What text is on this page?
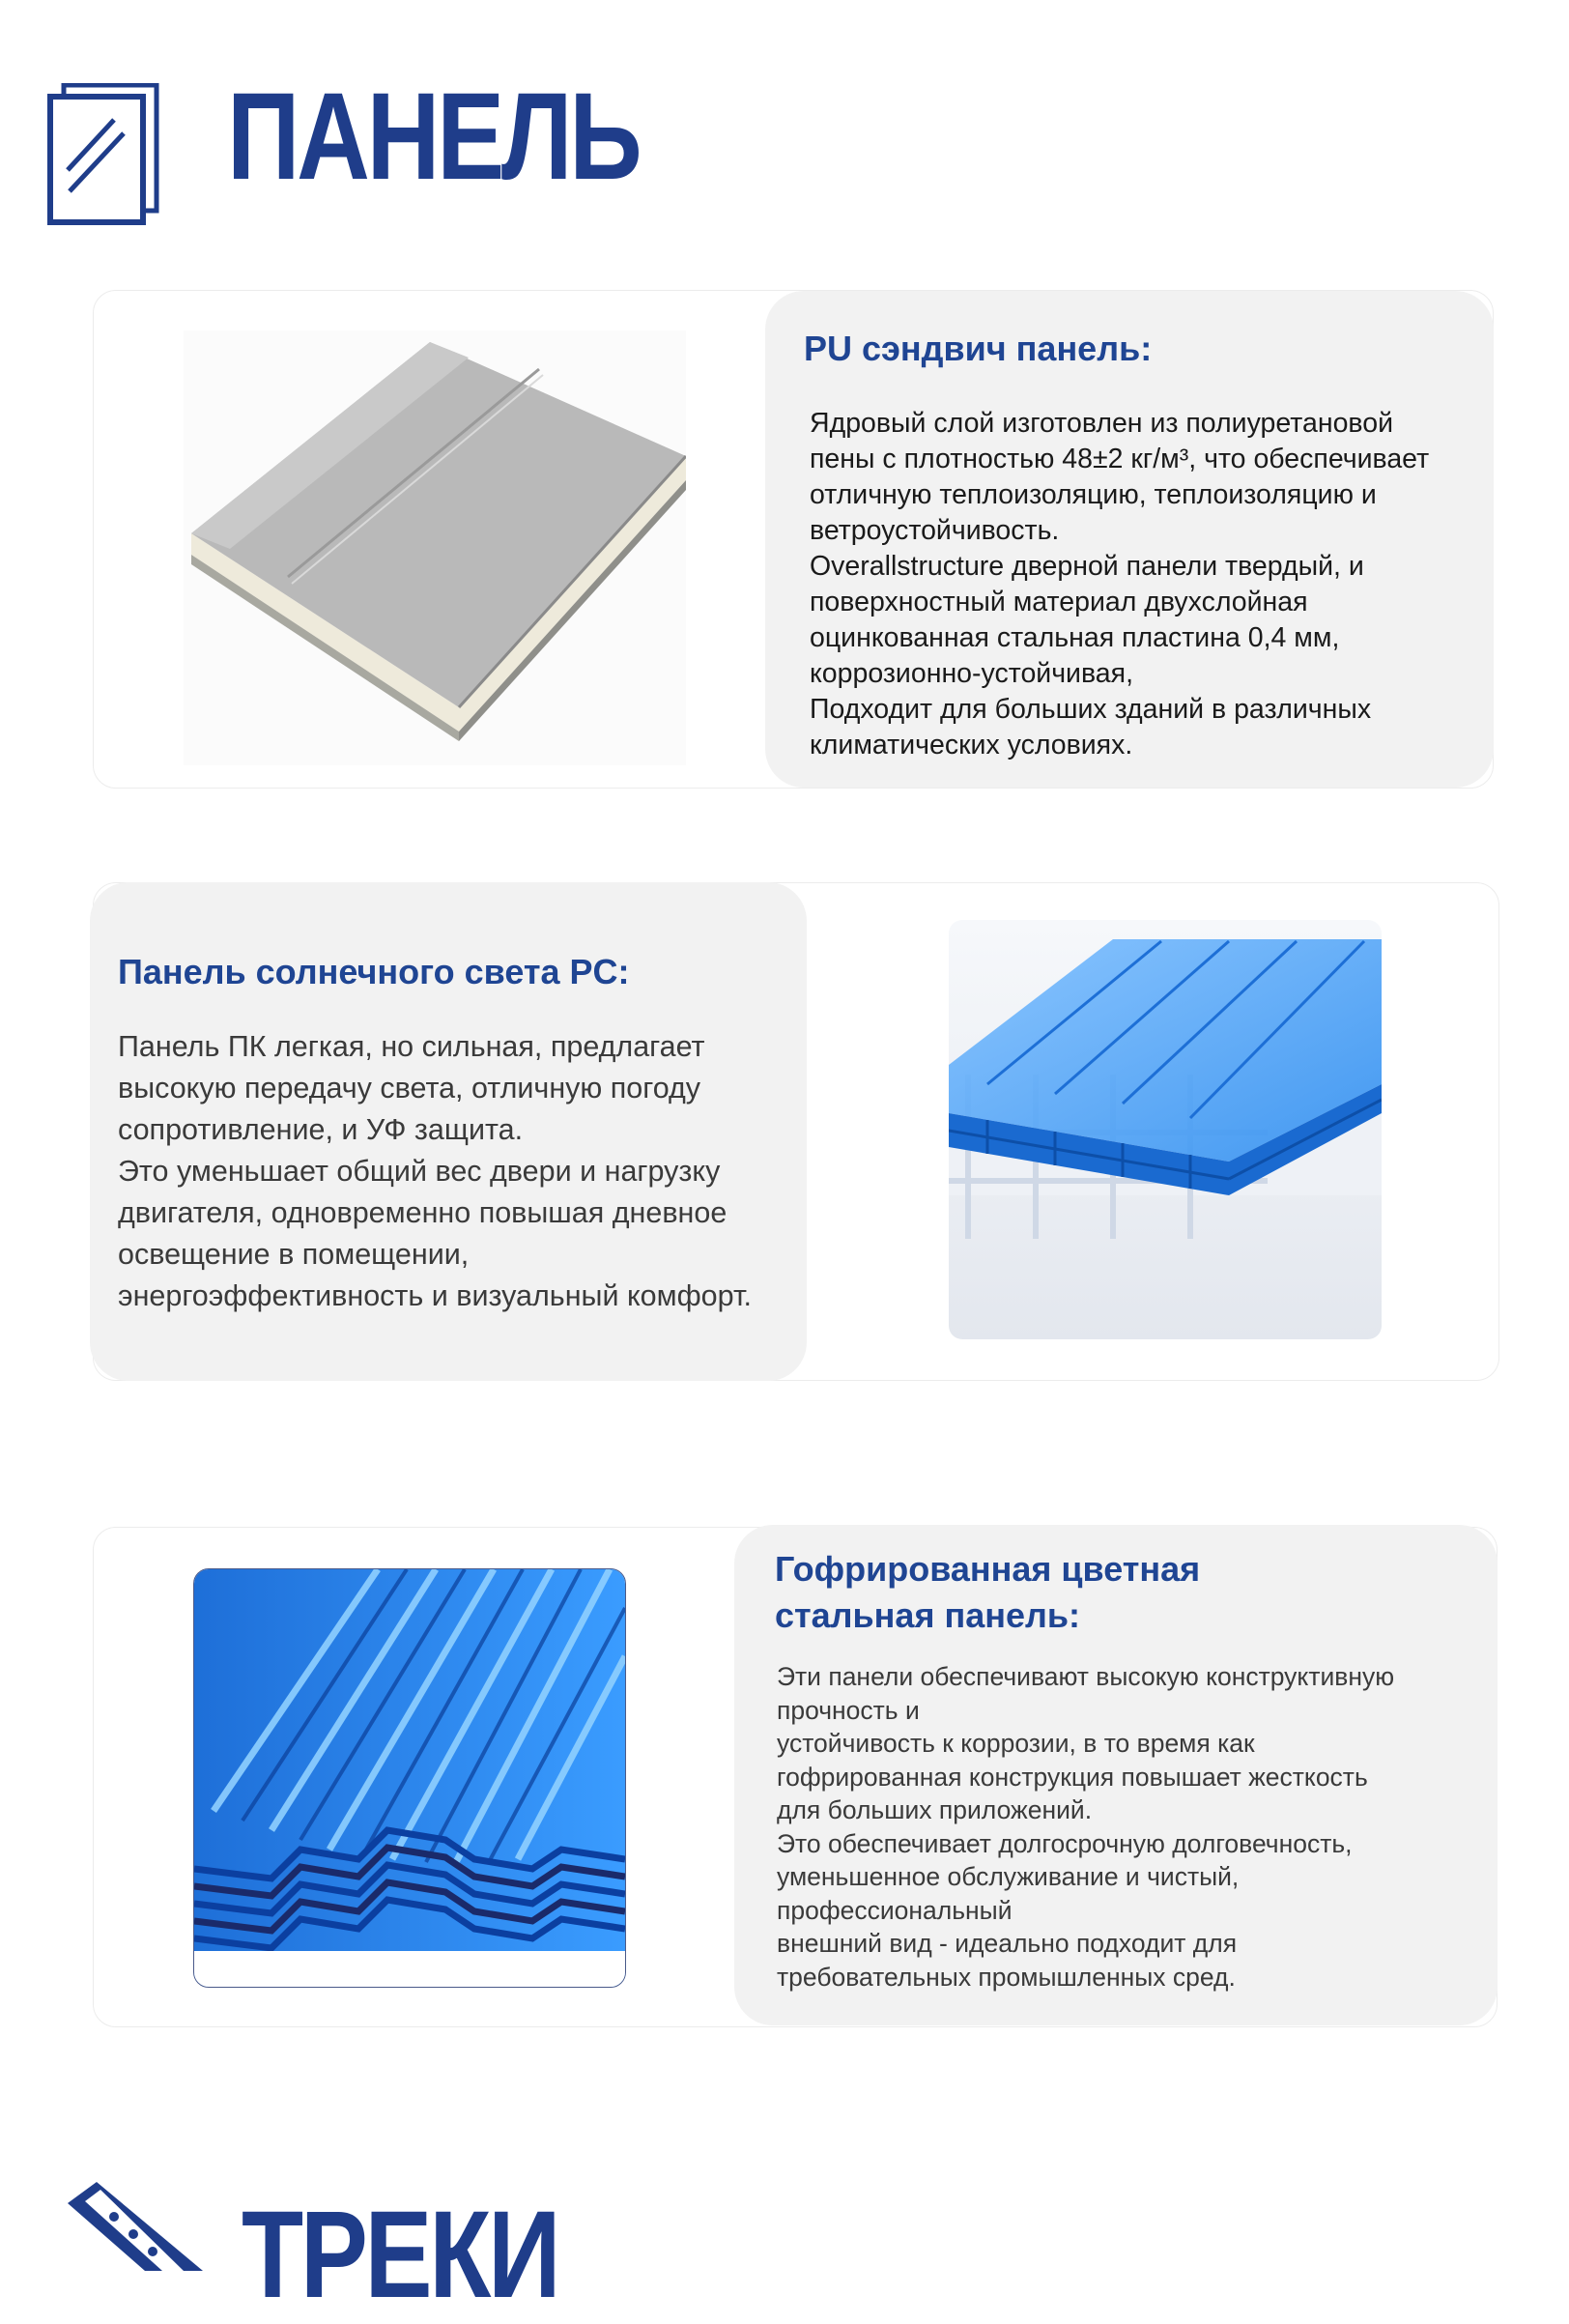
ПАНЕЛЬ
PU сэндвич панель:
Ядровый слой изготовлен из полиуретановой
пены с плотностью 48±2 кг/м³, что обеспечивает
отличную теплоизоляцию, теплоизоляцию и
ветроустойчивость.
Overallstructure дверной панели твердый, и
поверхностный материал двухслойная
оцинкованная стальная пластина 0,4 мм,
коррозионно-устойчивая,
Подходит для больших зданий в различных
климатических условиях.
Панель солнечного света PC:
Панель ПК легкая, но сильная, предлагает
высокую передачу света, отличную погоду
сопротивление, и УФ защита.
Это уменьшает общий вес двери и нагрузку
двигателя, одновременно повышая дневное
освещение в помещении,
энергоэффективность и визуальный комфорт.
Гофрированная цветная
стальная панель:
Эти панели обеспечивают высокую конструктивную
прочность и
устойчивость к коррозии, в то время как
гофрированная конструкция повышает жесткость
для больших приложений.
Это обеспечивает долгосрочную долговечность,
уменьшенное обслуживание и чистый,
профессиональный
внешний вид - идеально подходит для
требовательных промышленных сред.
ТРЕКИ
